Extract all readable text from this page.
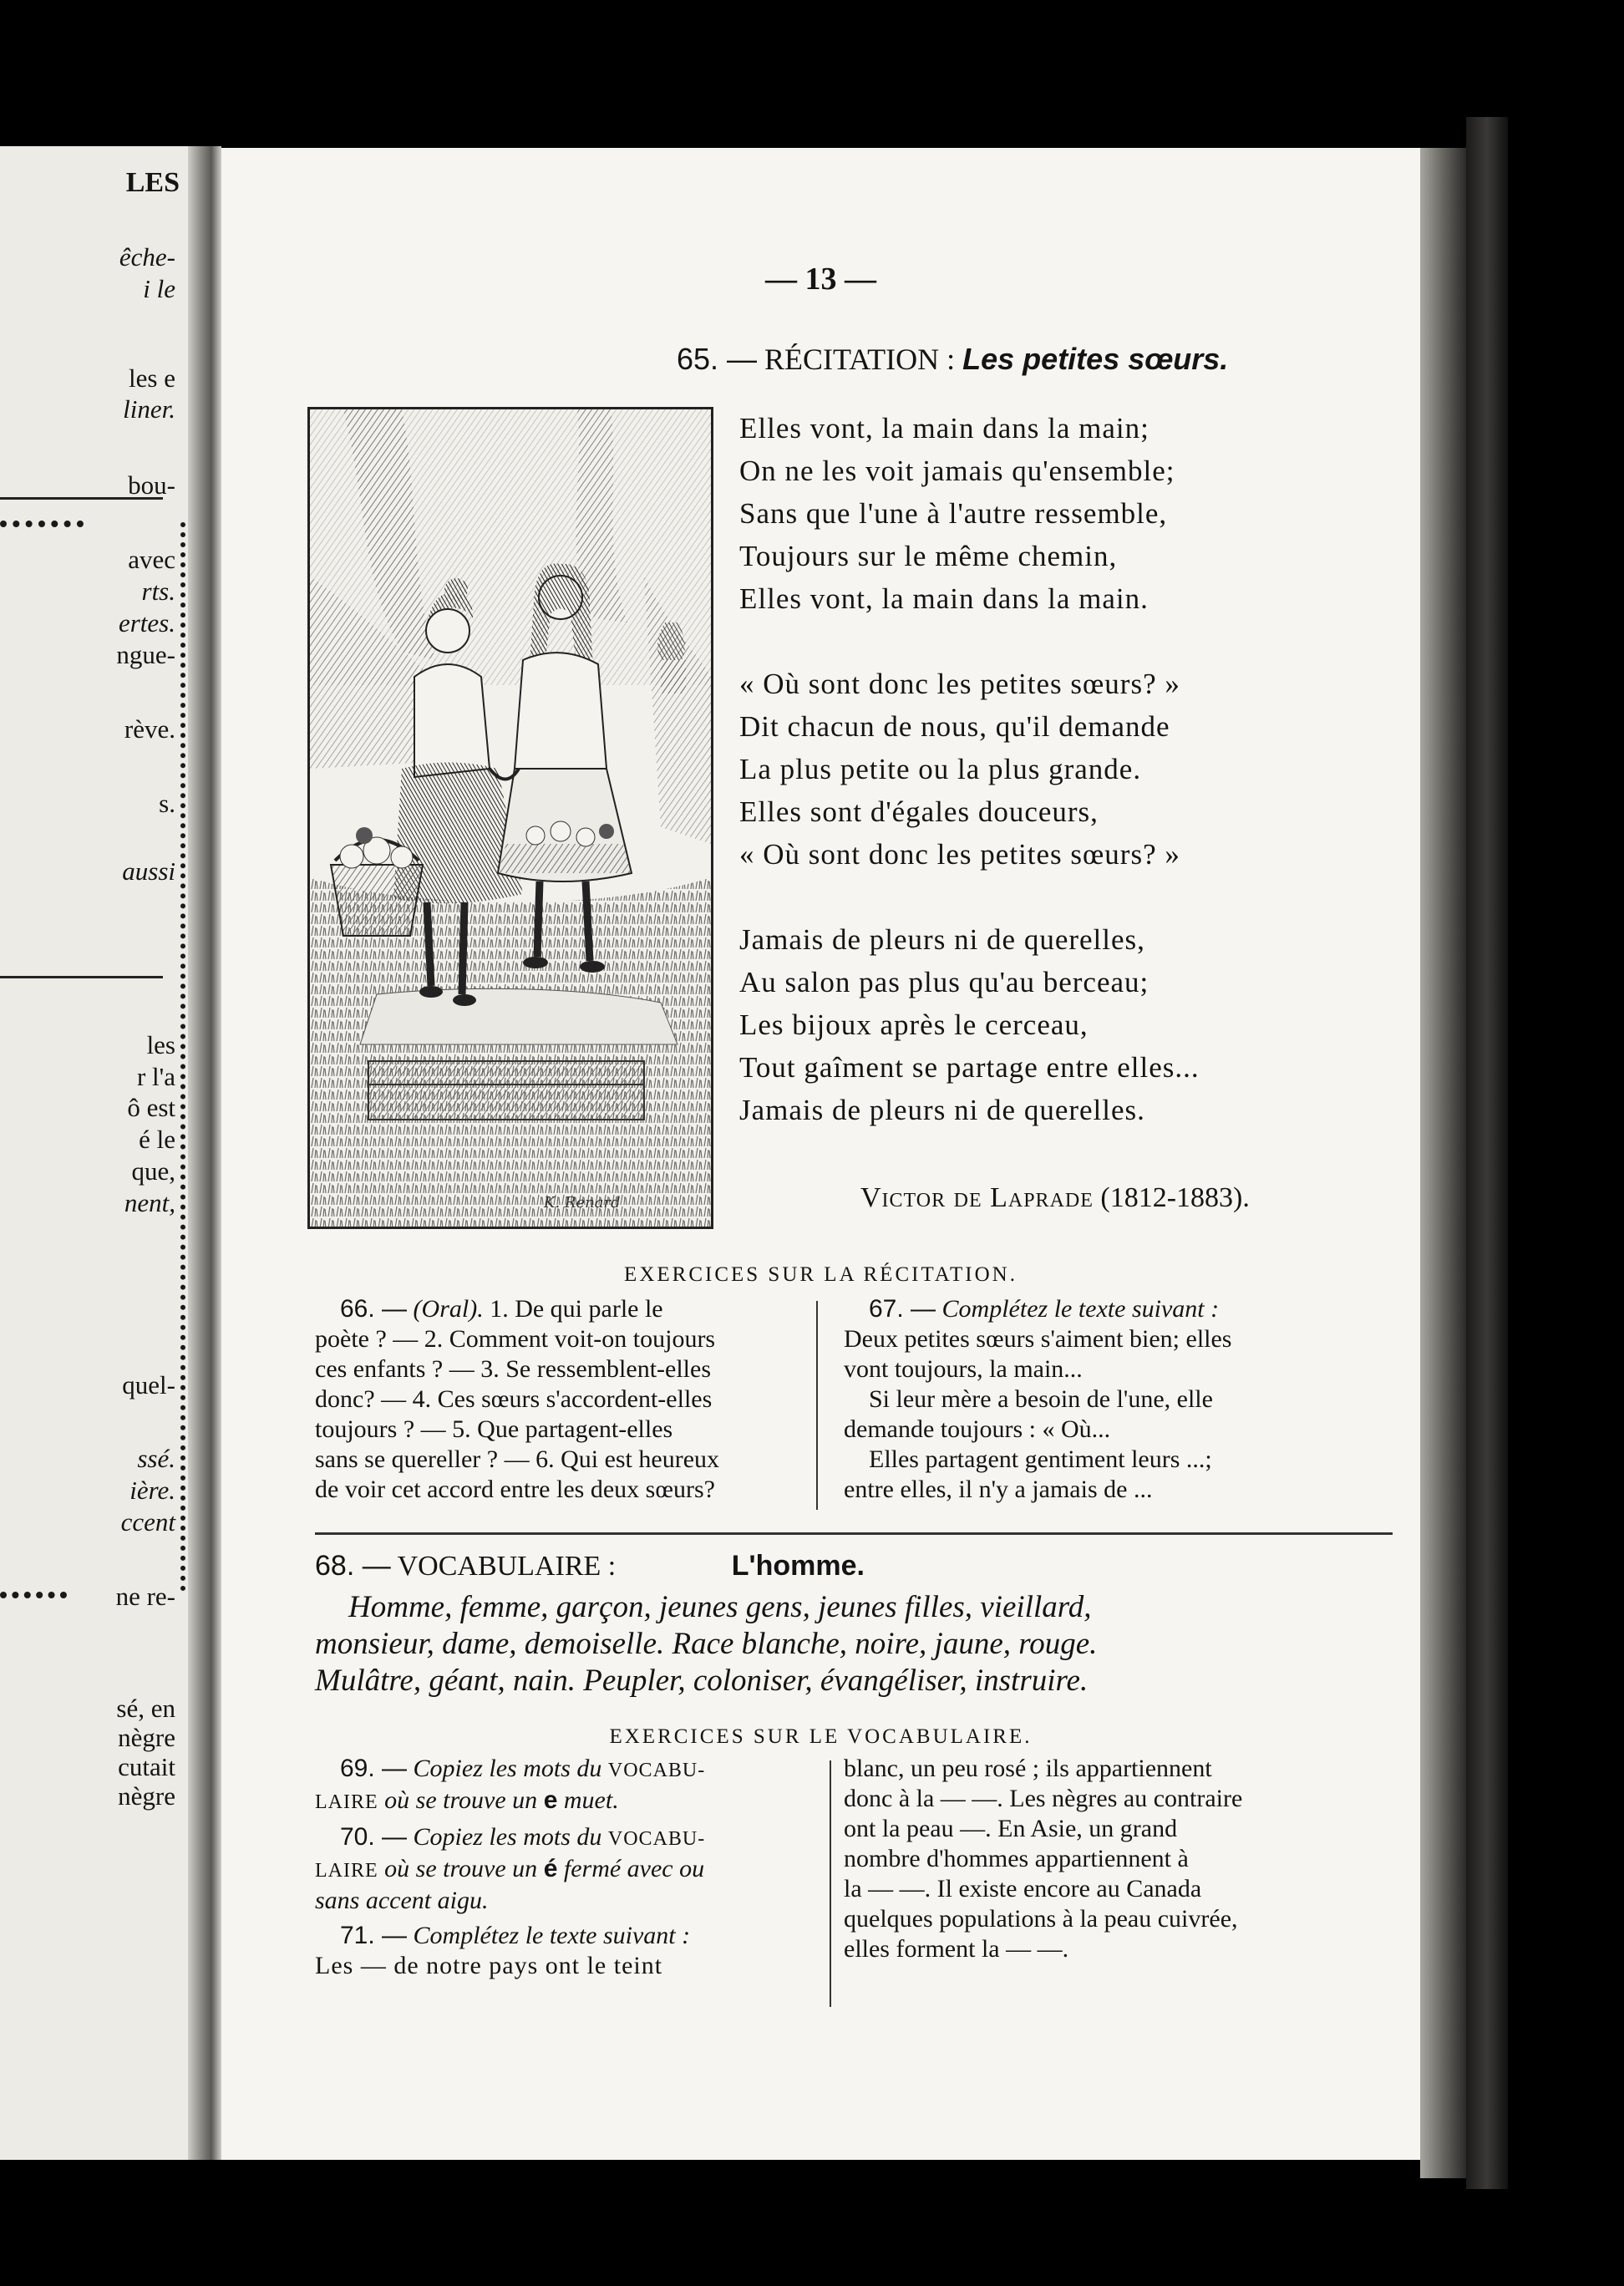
LES
êche-
i le
les e
liner.
bou-
avec
rts.
ertes.
ngue-
rève.
s.
aussi
les
r l'a
ô est
é le
que,
nent,
quel-
ssé.
ière.
ccent
ne re-
sé, en
nègre
cutait
nègre
— 13 —
65. — RÉCITATION : Les petites sœurs.
K. Renard
Elles vont, la main dans la main;
On ne les voit jamais qu'ensemble;
Sans que l'une à l'autre ressemble,
Toujours sur le même chemin,
Elles vont, la main dans la main.
« Où sont donc les petites sœurs? »
Dit chacun de nous, qu'il demande
La plus petite ou la plus grande.
Elles sont d'égales douceurs,
« Où sont donc les petites sœurs? »
Jamais de pleurs ni de querelles,
Au salon pas plus qu'au berceau;
Les bijoux après le cerceau,
Tout gaîment se partage entre elles...
Jamais de pleurs ni de querelles.
Victor de Laprade (1812-1883).
EXERCICES SUR LA RÉCITATION.
66. — (Oral). 1. De qui parle le
poète ? — 2. Comment voit-on toujours
ces enfants ? — 3. Se ressemblent-elles
donc? — 4. Ces sœurs s'accordent-elles
toujours ? — 5. Que partagent-elles
sans se quereller ? — 6. Qui est heureux
de voir cet accord entre les deux sœurs?
67. — Complétez le texte suivant :
Deux petites sœurs s'aiment bien; elles
vont toujours, la main...
Si leur mère a besoin de l'une, elle
demande toujours : « Où...
Elles partagent gentiment leurs ...;
entre elles, il n'y a jamais de ...
68. — VOCABULAIRE :	L'homme.
Homme, femme, garçon, jeunes gens, jeunes filles, vieillard,
monsieur, dame, demoiselle. Race blanche, noire, jaune, rouge.
Mulâtre, géant, nain. Peupler, coloniser, évangéliser, instruire.
EXERCICES SUR LE VOCABULAIRE.
69. — Copiez les mots du VOCABU-
LAIRE où se trouve un e muet.
70. — Copiez les mots du VOCABU-
LAIRE où se trouve un é fermé avec ou
sans accent aigu.
71. — Complétez le texte suivant :
Les — de notre pays ont le teint
blanc, un peu rosé ; ils appartiennent
donc à la — —. Les nègres au contraire
ont la peau —. En Asie, un grand
nombre d'hommes appartiennent à
la — —. Il existe encore au Canada
quelques populations à la peau cuivrée,
elles forment la — —.
